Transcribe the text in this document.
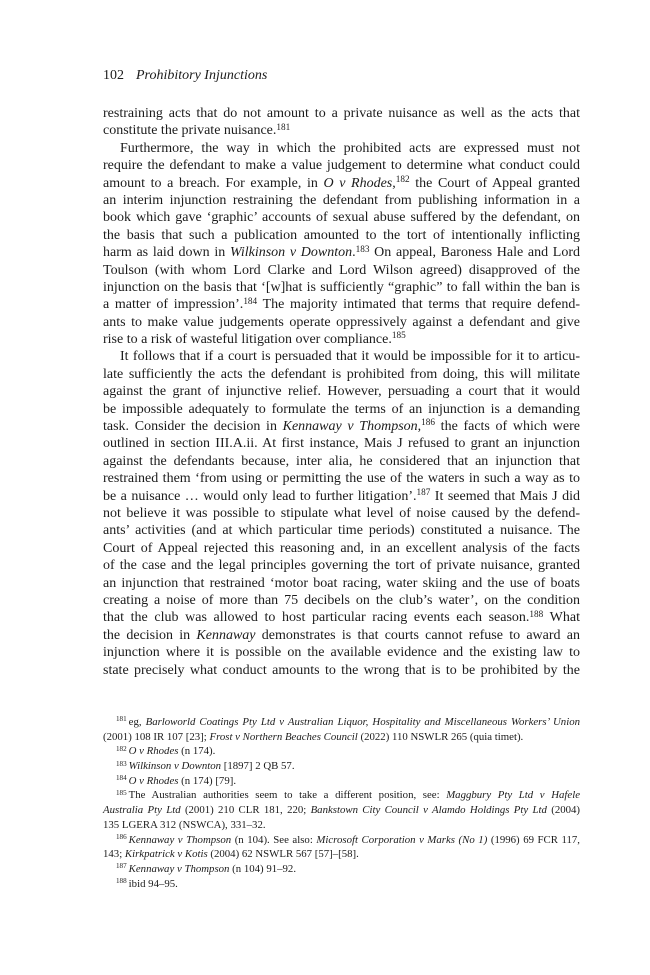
102 Prohibitory Injunctions
restraining acts that do not amount to a private nuisance as well as the acts that
constitute the private nuisance.$^{181}$
Furthermore, the way in which the prohibited acts are expressed must not
require the defendant to make a value judgement to determine what conduct could
amount to a breach. For example, in O v Rhodes,$^{182}$ the Court of Appeal granted
an interim injunction restraining the defendant from publishing information in a
book which gave ‘graphic’ accounts of sexual abuse suffered by the defendant, on
the basis that such a publication amounted to the tort of intentionally inflicting
harm as laid down in Wilkinson v Downton.$^{183}$ On appeal, Baroness Hale and Lord
Toulson (with whom Lord Clarke and Lord Wilson agreed) disapproved of the
injunction on the basis that ‘[w]hat is sufficiently “graphic” to fall within the ban is
a matter of impression’.$^{184}$ The majority intimated that terms that require defend-
ants to make value judgements operate oppressively against a defendant and give
rise to a risk of wasteful litigation over compliance.$^{185}$
It follows that if a court is persuaded that it would be impossible for it to articu-
late sufficiently the acts the defendant is prohibited from doing, this will militate
against the grant of injunctive relief. However, persuading a court that it would
be impossible adequately to formulate the terms of an injunction is a demanding
task. Consider the decision in Kennaway v Thompson,$^{186}$ the facts of which were
outlined in section III.A.ii. At first instance, Mais J refused to grant an injunction
against the defendants because, inter alia, he considered that an injunction that
restrained them ‘from using or permitting the use of the waters in such a way as to
be a nuisance … would only lead to further litigation’.$^{187}$ It seemed that Mais J did
not believe it was possible to stipulate what level of noise caused by the defend-
ants’ activities (and at which particular time periods) constituted a nuisance. The
Court of Appeal rejected this reasoning and, in an excellent analysis of the facts
of the case and the legal principles governing the tort of private nuisance, granted
an injunction that restrained ‘motor boat racing, water skiing and the use of boats
creating a noise of more than 75 decibels on the club’s water’, on the condition
that the club was allowed to host particular racing events each season.$^{188}$ What
the decision in Kennaway demonstrates is that courts cannot refuse to award an
injunction where it is possible on the available evidence and the existing law to
state precisely what conduct amounts to the wrong that is to be prohibited by the
$^{181}$ eg, Barloworld Coatings Pty Ltd v Australian Liquor, Hospitality and Miscellaneous Workers’ Union
(2001) 108 IR 107 [23]; Frost v Northern Beaches Council (2022) 110 NSWLR 265 (quia timet).
$^{182}$ O v Rhodes (n 174).
$^{183}$ Wilkinson v Downton [1897] 2 QB 57.
$^{184}$ O v Rhodes (n 174) [79].
$^{185}$ The Australian authorities seem to take a different position, see: Maggbury Pty Ltd v Hafele
Australia Pty Ltd (2001) 210 CLR 181, 220; Bankstown City Council v Alamdo Holdings Pty Ltd (2004)
135 LGERA 312 (NSWCA), 331–32.
$^{186}$ Kennaway v Thompson (n 104). See also: Microsoft Corporation v Marks (No 1) (1996) 69 FCR 117,
143; Kirkpatrick v Kotis (2004) 62 NSWLR 567 [57]–[58].
$^{187}$ Kennaway v Thompson (n 104) 91–92.
$^{188}$ ibid 94–95.
